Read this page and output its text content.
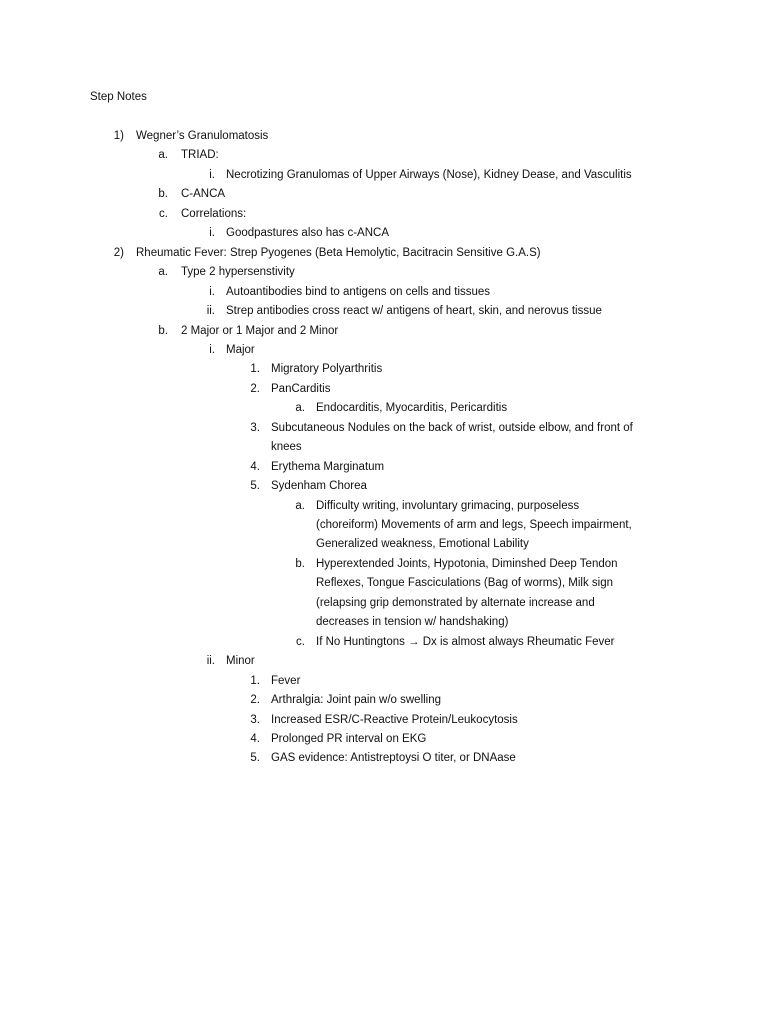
Step Notes
1) Wegner’s Granulomatosis
a. TRIAD:
i. Necrotizing Granulomas of Upper Airways (Nose), Kidney Dease, and Vasculitis
b. C-ANCA
c. Correlations:
i. Goodpastures also has c-ANCA
2) Rheumatic Fever: Strep Pyogenes (Beta Hemolytic, Bacitracin Sensitive G.A.S)
a. Type 2 hypersenstivity
i. Autoantibodies bind to antigens on cells and tissues
ii. Strep antibodies cross react w/ antigens of heart, skin, and nerovus tissue
b. 2 Major or 1 Major and 2 Minor
i. Major
1. Migratory Polyarthritis
2. PanCarditis
a. Endocarditis, Myocarditis, Pericarditis
3. Subcutaneous Nodules on the back of wrist, outside elbow, and front of
knees
4. Erythema Marginatum
5. Sydenham Chorea
a. Difficulty writing, involuntary grimacing, purposeless
(choreiform) Movements of arm and legs, Speech impairment,
Generalized weakness, Emotional Lability
b. Hyperextended Joints, Hypotonia, Diminshed Deep Tendon
Reflexes, Tongue Fasciculations (Bag of worms), Milk sign
(relapsing grip demonstrated by alternate increase and
decreases in tension w/ handshaking)
c. If No Huntingtons → Dx is almost always Rheumatic Fever
ii. Minor
1. Fever
2. Arthralgia: Joint pain w/o swelling
3. Increased ESR/C-Reactive Protein/Leukocytosis
4. Prolonged PR interval on EKG
5. GAS evidence: Antistreptoysi O titer, or DNAase
